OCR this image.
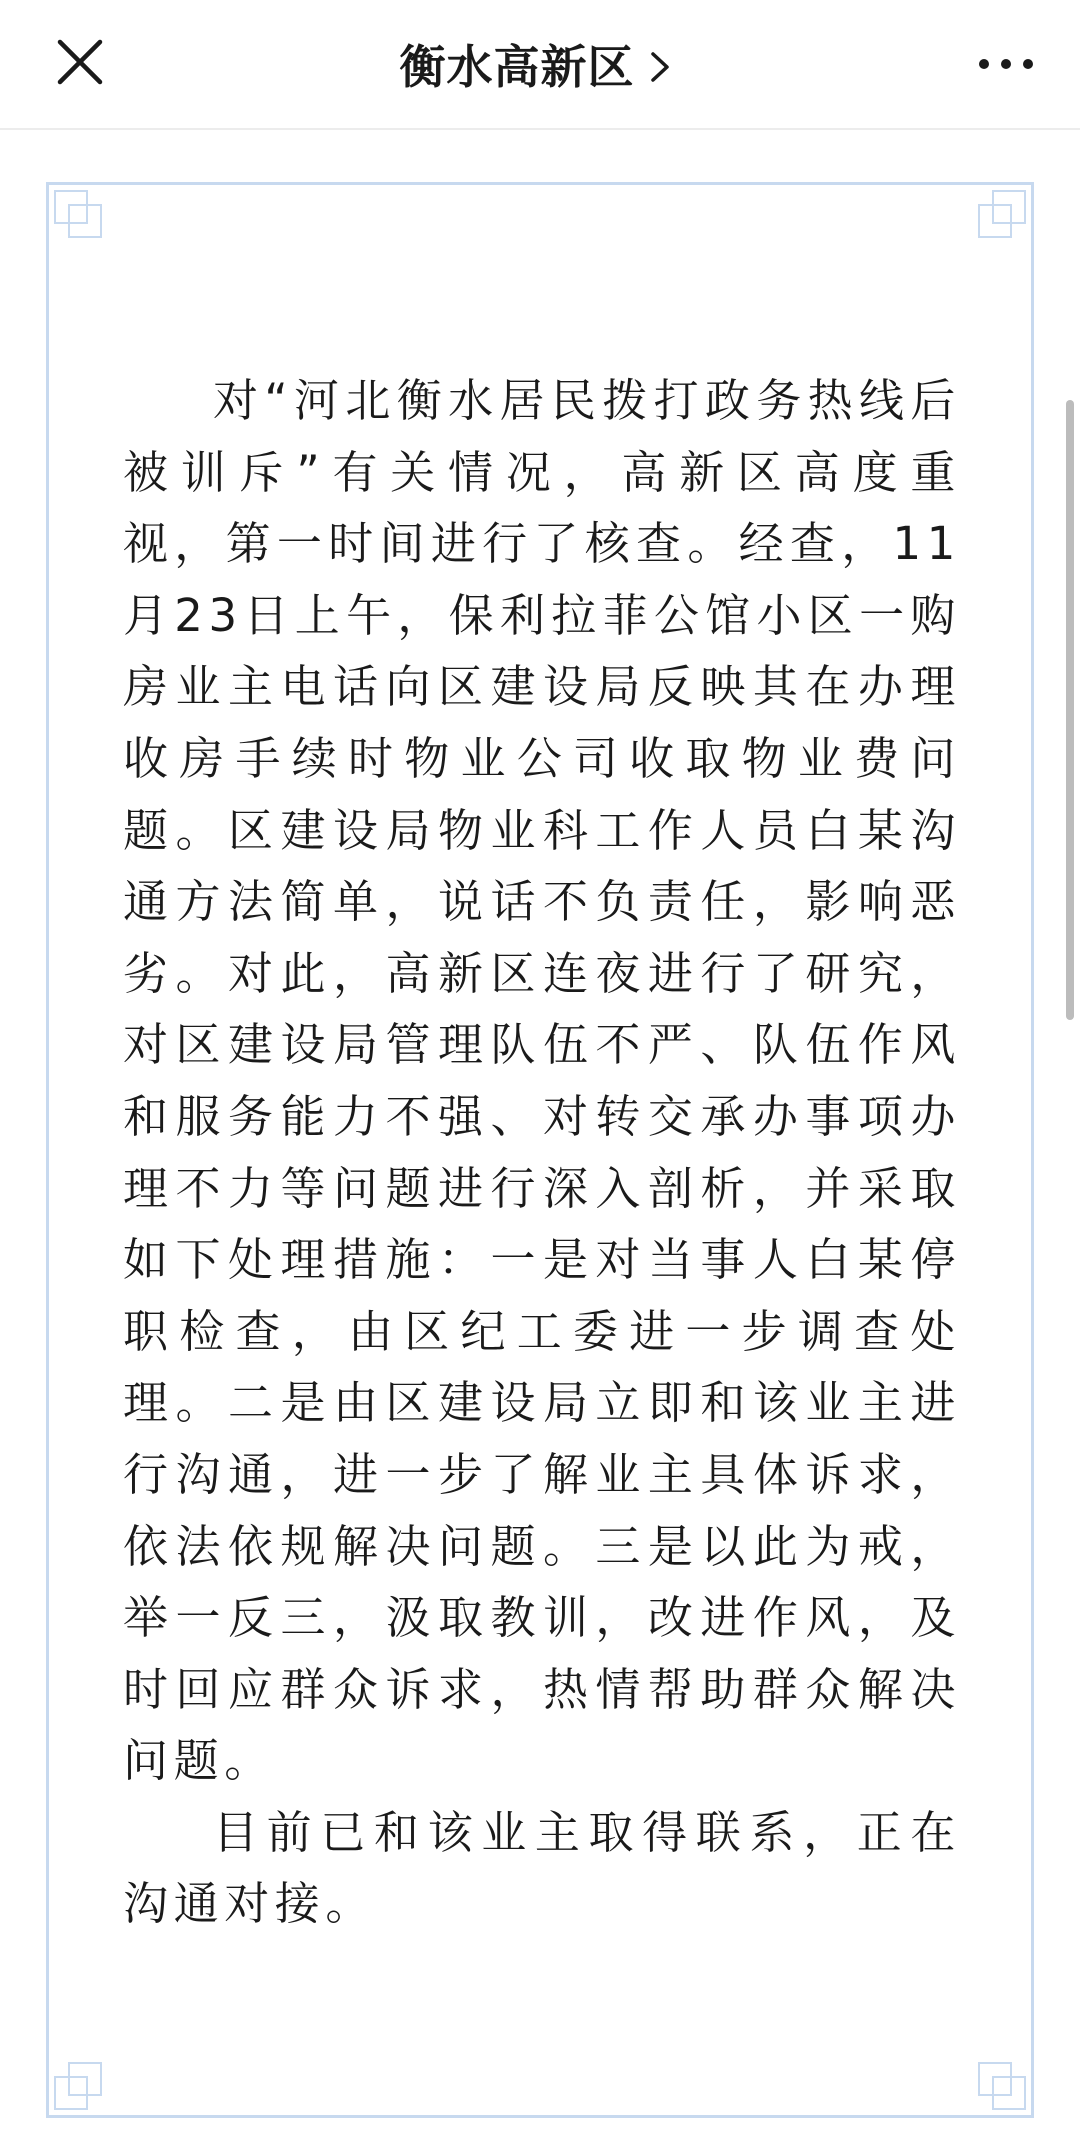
衡水高新区

对“河北衡水居民拨打政务热线后被训斥”有关情况，高新区高度重视，第一时间进行了核查。经查，11月23日上午，保利拉菲公馆小区一购房业主电话向区建设局反映其在办理收房手续时物业公司收取物业费问题。区建设局物业科工作人员白某沟通方法简单，说话不负责任，影响恶劣。对此，高新区连夜进行了研究，对区建设局管理队伍不严、队伍作风和服务能力不强、对转交承办事项办理不力等问题进行深入剖析，并采取如下处理措施：一是对当事人白某停职检查，由区纪工委进一步调查处理。二是由区建设局立即和该业主进行沟通，进一步了解业主具体诉求，依法依规解决问题。三是以此为戒，举一反三，汲取教训，改进作风，及时回应群众诉求，热情帮助群众解决问题。

目前已和该业主取得联系，正在沟通对接。
